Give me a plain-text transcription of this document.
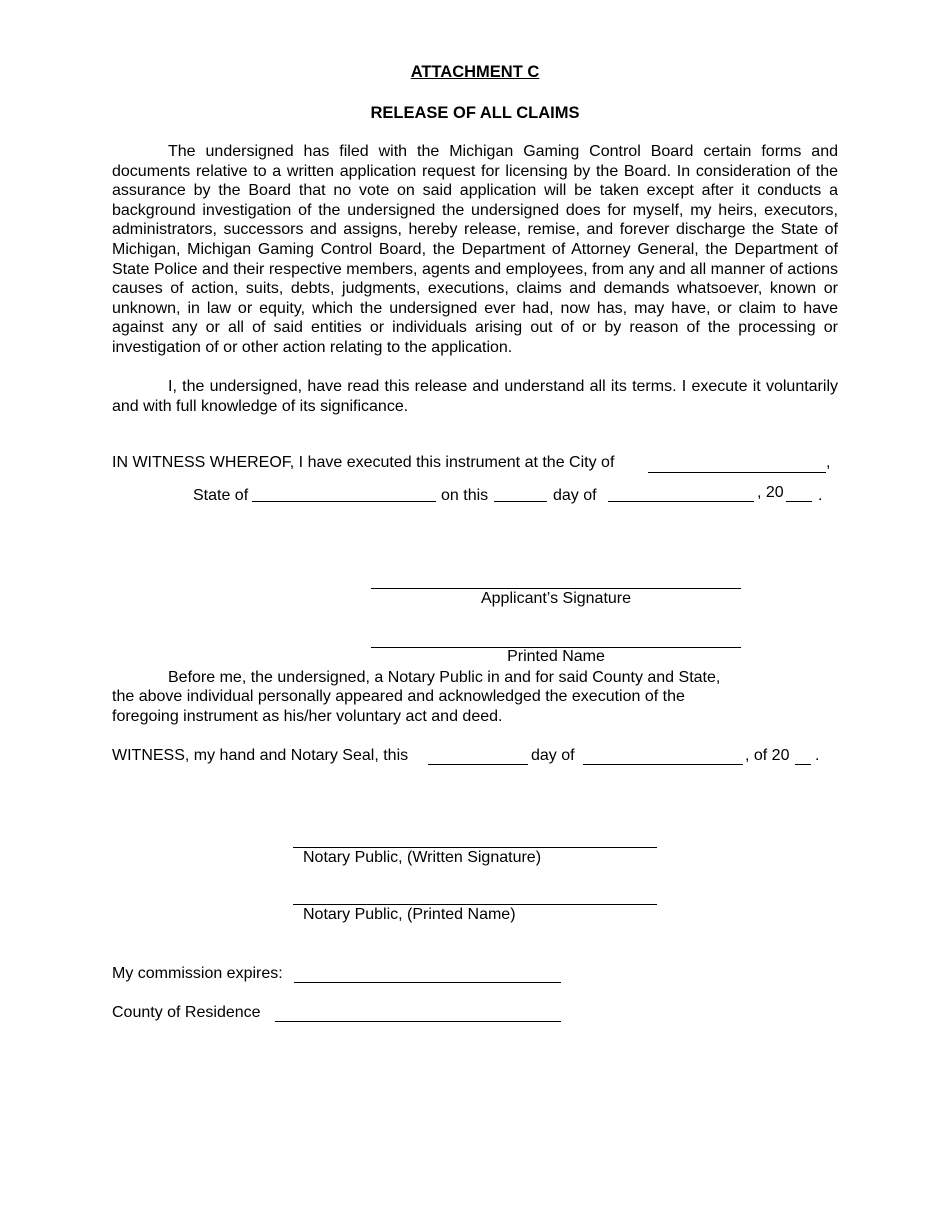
ATTACHMENT C
RELEASE OF ALL CLAIMS
The undersigned has filed with the Michigan Gaming Control Board certain forms and documents relative to a written application request for licensing by the Board. In consideration of the assurance by the Board that no vote on said application will be taken except after it conducts a background investigation of the undersigned the undersigned does for myself, my heirs, executors, administrators, successors and assigns, hereby release, remise, and forever discharge the State of Michigan, Michigan Gaming Control Board, the Department of Attorney General, the Department of State Police and their respective members, agents and employees, from any and all manner of actions causes of action, suits, debts, judgments, executions, claims and demands whatsoever, known or unknown, in law or equity, which the undersigned ever had, now has, may have, or claim to have against any or all of said entities or individuals arising out of or by reason of the processing or investigation of or other action relating to the application.
I, the undersigned, have read this release and understand all its terms. I execute it voluntarily and with full knowledge of its significance.
IN WITNESS WHEREOF, I have executed this instrument at the City of	,
State of	on this	day of	, 20 .
Applicant’s Signature
Printed Name
Before me, the undersigned, a Notary Public in and for said County and State,
the above individual personally appeared and acknowledged the execution of the
foregoing instrument as his/her voluntary act and deed.
WITNESS, my hand and Notary Seal, this	day of	, of 20 .
Notary Public, (Written Signature)
Notary Public, (Printed Name)
My commission expires:
County of Residence
